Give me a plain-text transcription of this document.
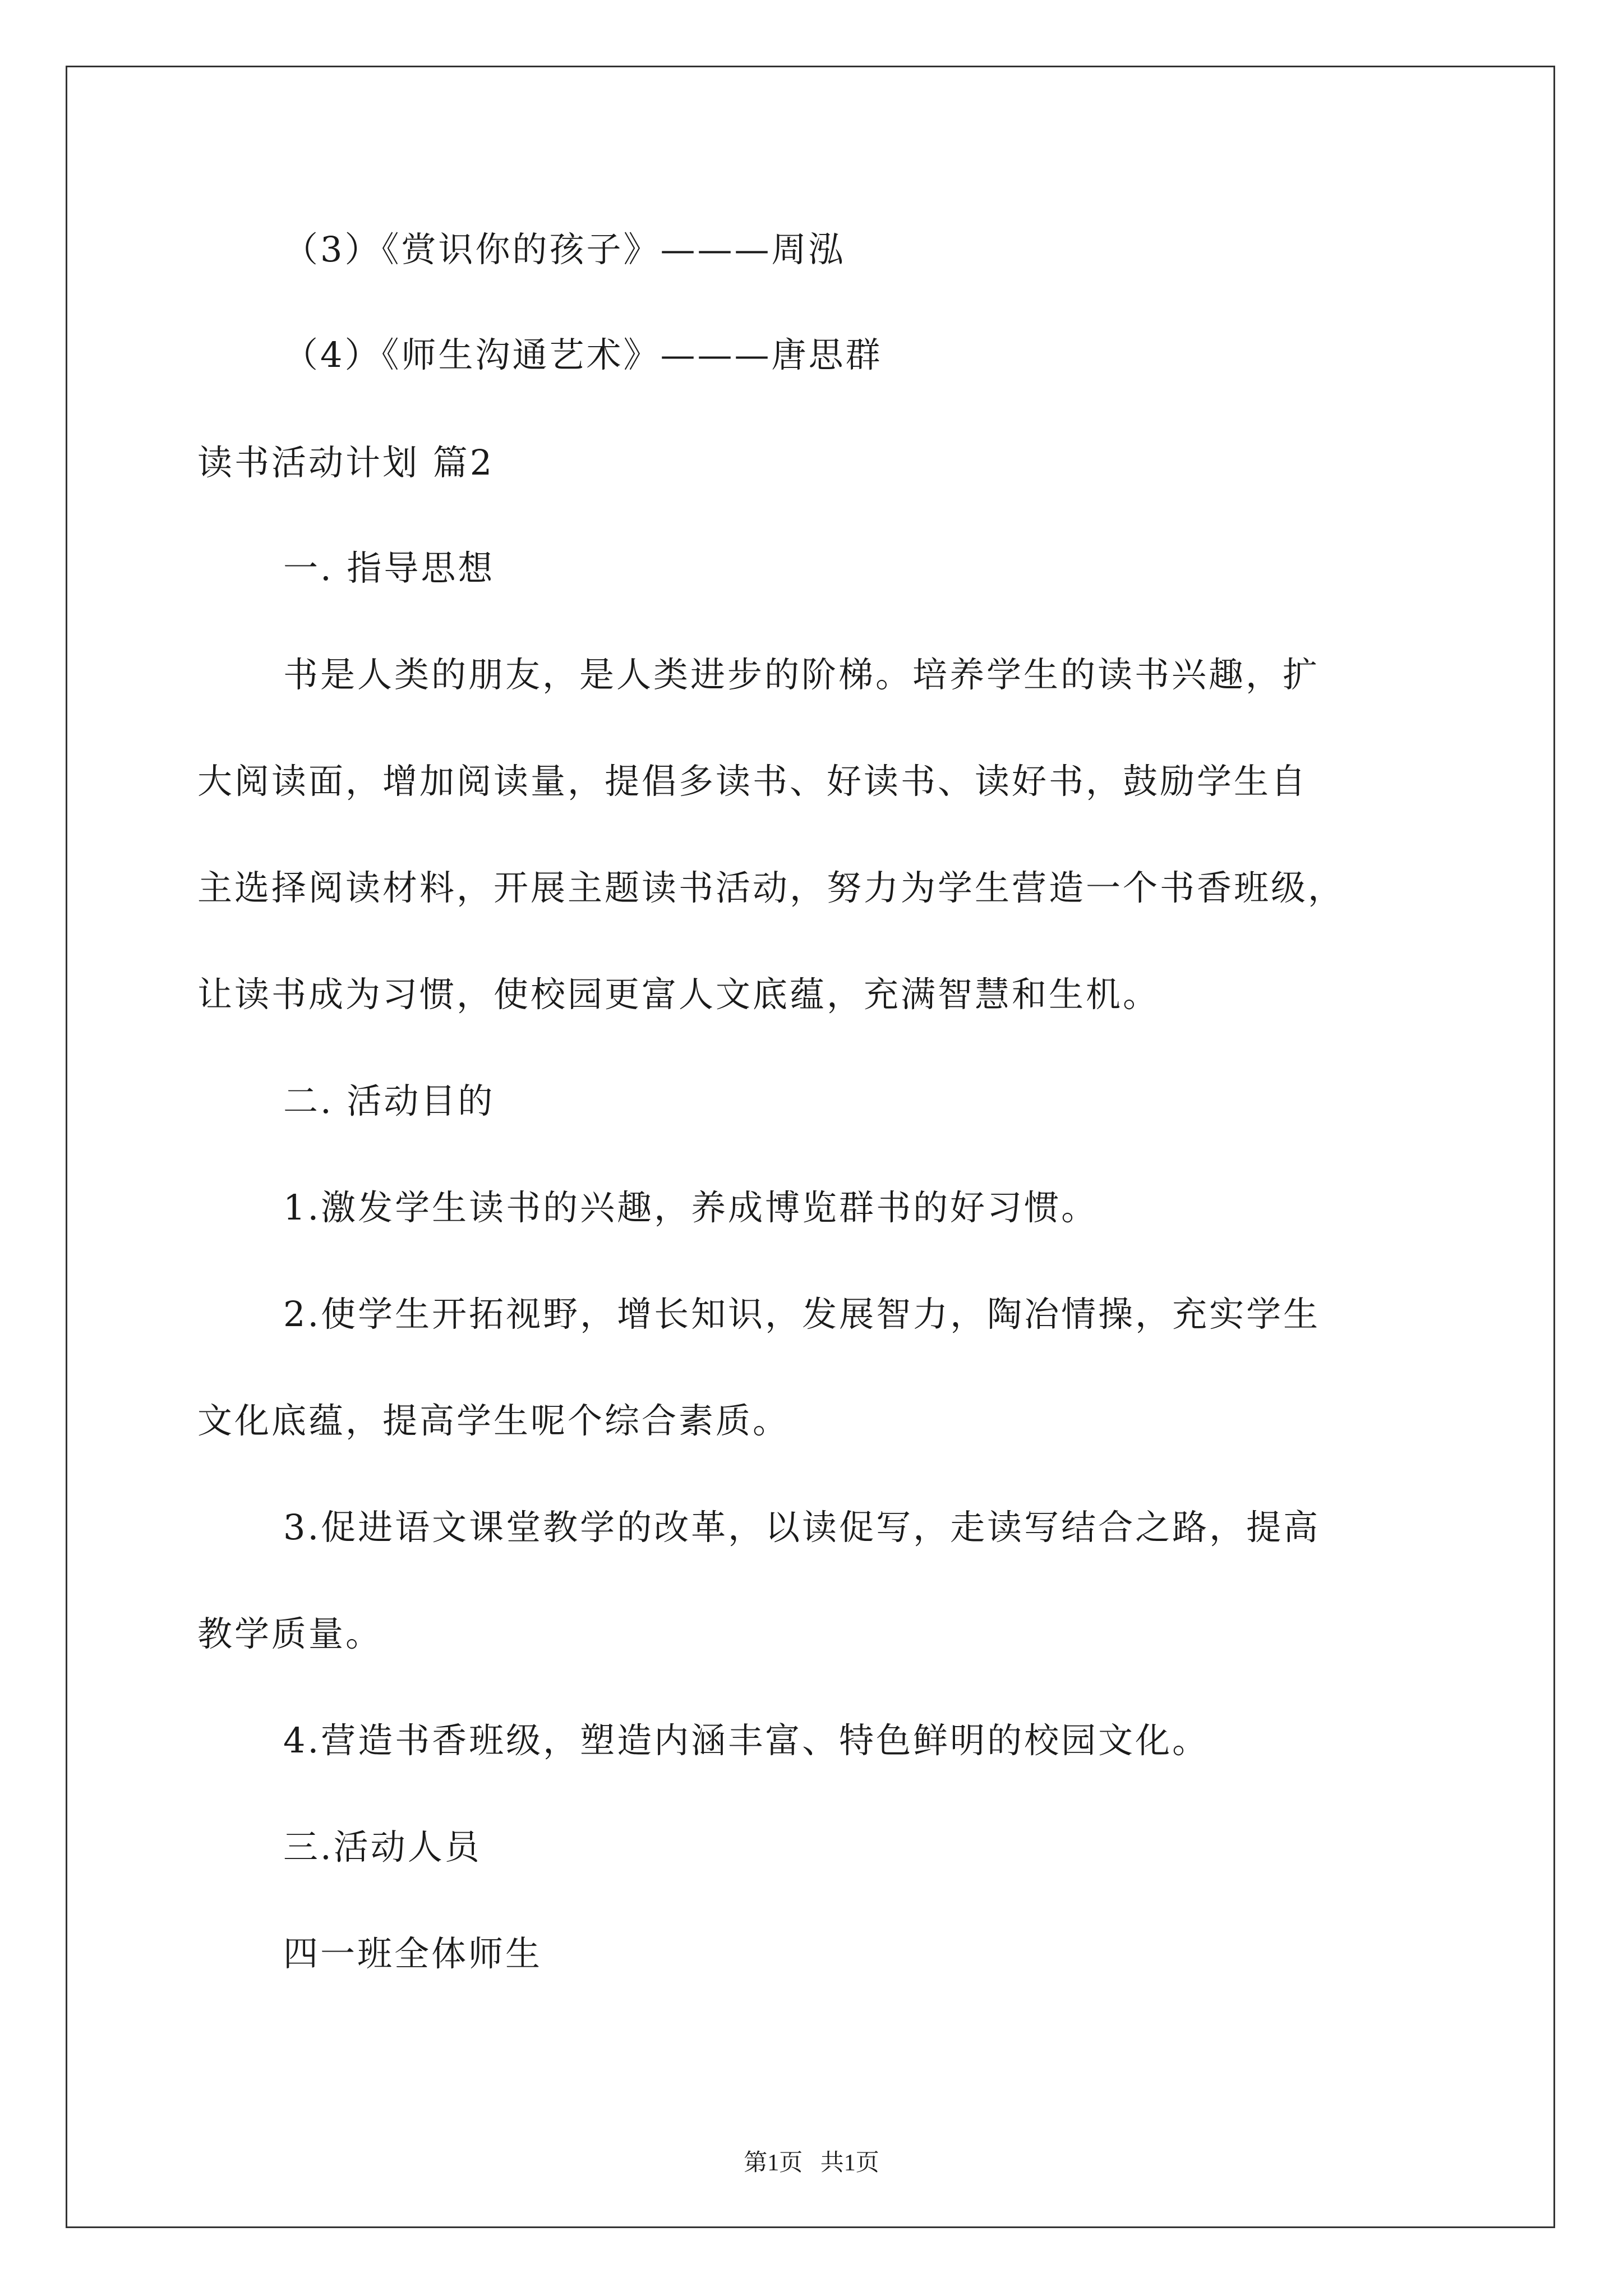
（3）《赏识你的孩子》———周泓
（4）《师生沟通艺术》———唐思群
读书活动计划 篇2
一. 指导思想
书是人类的朋友，是人类进步的阶梯。培养学生的读书兴趣，扩
大阅读面，增加阅读量，提倡多读书、好读书、读好书，鼓励学生自
主选择阅读材料，开展主题读书活动，努力为学生营造一个书香班级，
让读书成为习惯，使校园更富人文底蕴，充满智慧和生机。
二. 活动目的
1.激发学生读书的兴趣，养成博览群书的好习惯。
2.使学生开拓视野，增长知识，发展智力，陶冶情操，充实学生
文化底蕴，提高学生呢个综合素质。
3.促进语文课堂教学的改革，以读促写，走读写结合之路，提高
教学质量。
4.营造书香班级，塑造内涵丰富、特色鲜明的校园文化。
三.活动人员
四一班全体师生
第1页   共1页
